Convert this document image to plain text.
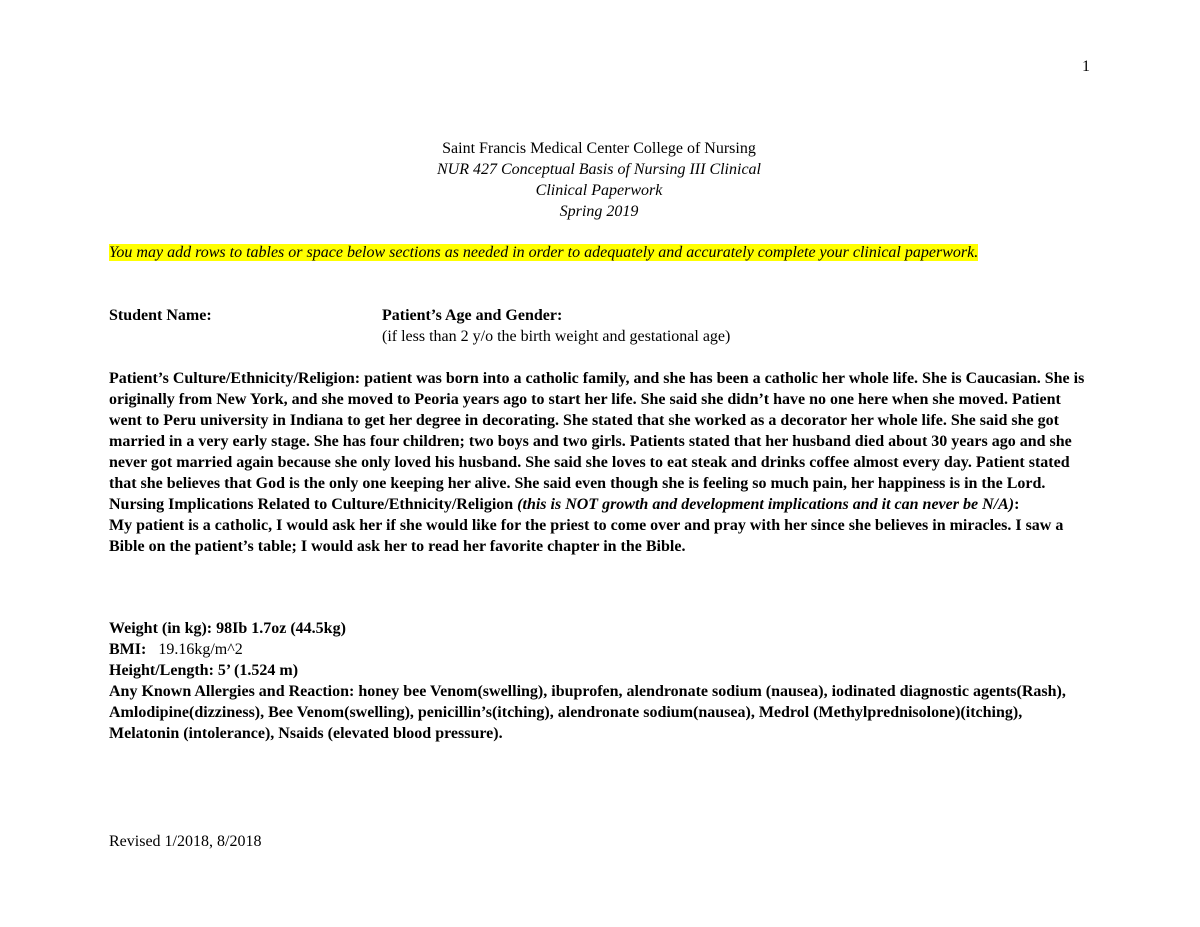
1
Saint Francis Medical Center College of Nursing
NUR 427 Conceptual Basis of Nursing III Clinical
Clinical Paperwork
Spring 2019
You may add rows to tables or space below sections as needed in order to adequately and accurately complete your clinical paperwork.
Student Name:	Patient’s Age and Gender:
(if less than 2 y/o the birth weight and gestational age)

Patient’s Culture/Ethnicity/Religion: patient was born into a catholic family, and she has been a catholic her whole life. She is Caucasian. She is originally from New York, and she moved to Peoria years ago to start her life. She said she didn’t have no one here when she moved. Patient went to Peru university in Indiana to get her degree in decorating. She stated that she worked as a decorator her whole life. She said she got married in a very early stage. She has four children; two boys and two girls. Patients stated that her husband died about 30 years ago and she never got married again because she only loved his husband. She said she loves to eat steak and drinks coffee almost every day. Patient stated that she believes that God is the only one keeping her alive. She said even though she is feeling so much pain, her happiness is in the Lord.

Nursing Implications Related to Culture/Ethnicity/Religion (this is NOT growth and development implications and it can never be N/A):

My patient is a catholic, I would ask her if she would like for the priest to come over and pray with her since she believes in miracles. I saw a Bible on the patient’s table; I would ask her to read her favorite chapter in the Bible.

Weight (in kg): 98Ib 1.7oz (44.5kg)

BMI:   19.16kg/m^2

Height/Length: 5’ (1.524 m)

Any Known Allergies and Reaction: honey bee Venom(swelling), ibuprofen, alendronate sodium (nausea), iodinated diagnostic agents(Rash), Amlodipine(dizziness), Bee Venom(swelling), penicillin’s(itching), alendronate sodium(nausea), Medrol (Methylprednisolone)(itching), Melatonin (intolerance), Nsaids (elevated blood pressure).

Revised 1/2018, 8/2018
